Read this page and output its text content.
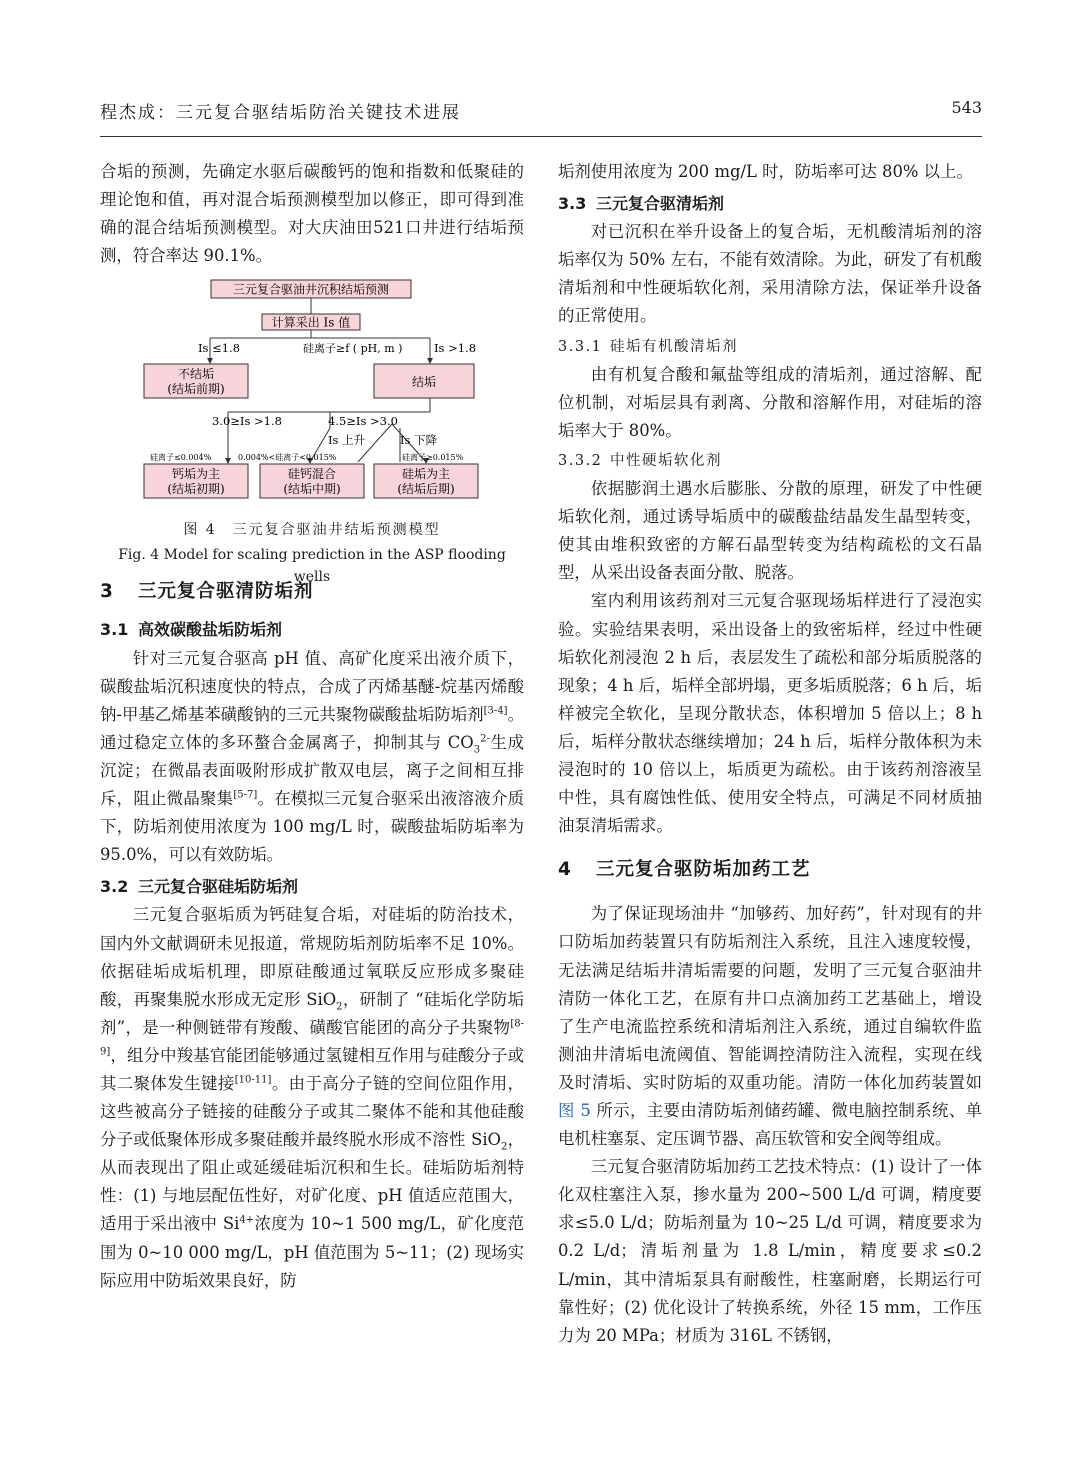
程杰成：三元复合驱结垢防治关键技术进展	543

合垢的预测，先确定水驱后碳酸钙的饱和指数和低聚硅的理论饱和值，再对混合垢预测模型加以修正，即可得到准确的混合结垢预测模型。对大庆油田521口井进行结垢预测，符合率达 90.1%。

三元复合驱油井沉积结垢预测
计算采出 Is 值
Is ≤1.8	硅离子≥f ( pH, m )	Is >1.8
不结垢
(结垢前期)	结垢
3.0≥Is >1.8	4.5≥Is >3.0
Is 上升	Is 下降
硅离子≤0.004%	0.004%<硅离子<0.015%	硅离子≥0.015%
钙垢为主
(结垢初期)
硅钙混合
(结垢中期)
硅垢为主
(结垢后期)
图 4　三元复合驱油井结垢预测模型
Fig. 4 Model for scaling prediction in the ASP flooding wells
3 三元复合驱清防垢剂
3.1 高效碳酸盐垢防垢剂

针对三元复合驱高 pH 值、高矿化度采出液介质下，碳酸盐垢沉积速度快的特点，合成了丙烯基醚-烷基丙烯酸钠-甲基乙烯基苯磺酸钠的三元共聚物碳酸盐垢防垢剂[3-4]。通过稳定立体的多环螯合金属离子，抑制其与 $CO_3^{2-}$生成沉淀；在微晶表面吸附形成扩散双电层，离子之间相互排斥，阻止微晶聚集[5-7]。在模拟三元复合驱采出液溶液介质下，防垢剂使用浓度为 100 mg/L 时，碳酸盐垢防垢率为 95.0%，可以有效防垢。

3.2 三元复合驱硅垢防垢剂

三元复合驱垢质为钙硅复合垢，对硅垢的防治技术，国内外文献调研未见报道，常规防垢剂防垢率不足 10%。依据硅垢成垢机理，即原硅酸通过氧联反应形成多聚硅酸，再聚集脱水形成无定形 SiO$_2$，研制了 “硅垢化学防垢剂”，是一种侧链带有羧酸、磺酸官能团的高分子共聚物[8-9]，组分中羧基官能团能够通过氢键相互作用与硅酸分子或其二聚体发生键接[10-11]。由于高分子链的空间位阻作用，这些被高分子链接的硅酸分子或其二聚体不能和其他硅酸分子或低聚体形成多聚硅酸并最终脱水形成不溶性 SiO$_2$，从而表现出了阻止或延缓硅垢沉积和生长。硅垢防垢剂特性：(1) 与地层配伍性好，对矿化度、pH 值适应范围大，适用于采出液中 $Si^{4+}$浓度为 10~1 500 mg/L，矿化度范围为 0~10 000 mg/L，pH 值范围为 5~11；(2) 现场实际应用中防垢效果良好，防

垢剂使用浓度为 200 mg/L 时，防垢率可达 80% 以上。

3.3 三元复合驱清垢剂

对已沉积在举升设备上的复合垢，无机酸清垢剂的溶垢率仅为 50% 左右，不能有效清除。为此，研发了有机酸清垢剂和中性硬垢软化剂，采用清除方法，保证举升设备的正常使用。

3.3.1 硅垢有机酸清垢剂

由有机复合酸和氟盐等组成的清垢剂，通过溶解、配位机制，对垢层具有剥离、分散和溶解作用，对硅垢的溶垢率大于 80%。

3.3.2 中性硬垢软化剂

依据膨润土遇水后膨胀、分散的原理，研发了中性硬垢软化剂，通过诱导垢质中的碳酸盐结晶发生晶型转变，使其由堆积致密的方解石晶型转变为结构疏松的文石晶型，从采出设备表面分散、脱落。

室内利用该药剂对三元复合驱现场垢样进行了浸泡实验。实验结果表明，采出设备上的致密垢样，经过中性硬垢软化剂浸泡 2 h 后，表层发生了疏松和部分垢质脱落的现象；4 h 后，垢样全部坍塌，更多垢质脱落；6 h 后，垢样被完全软化，呈现分散状态，体积增加 5 倍以上；8 h 后，垢样分散状态继续增加；24 h 后，垢样分散体积为未浸泡时的 10 倍以上，垢质更为疏松。由于该药剂溶液呈中性，具有腐蚀性低、使用安全特点，可满足不同材质抽油泵清垢需求。

4 三元复合驱防垢加药工艺

为了保证现场油井 “加够药、加好药”，针对现有的井口防垢加药装置只有防垢剂注入系统，且注入速度较慢，无法满足结垢井清垢需要的问题，发明了三元复合驱油井清防一体化工艺，在原有井口点滴加药工艺基础上，增设了生产电流监控系统和清垢剂注入系统，通过自编软件监测油井清垢电流阈值、智能调控清防注入流程，实现在线及时清垢、实时防垢的双重功能。清防一体化加药装置如图 5 所示，主要由清防垢剂储药罐、微电脑控制系统、单电机柱塞泵、定压调节器、高压软管和安全阀等组成。

三元复合驱清防垢加药工艺技术特点：(1) 设计了一体化双柱塞注入泵，掺水量为 200~500 L/d 可调，精度要求≤5.0 L/d；防垢剂量为 10~25 L/d 可调，精度要求为 0.2 L/d；清垢剂量为 1.8 L/min，精度要求≤0.2 L/min，其中清垢泵具有耐酸性，柱塞耐磨，长期运行可靠性好；(2) 优化设计了转换系统，外径 15 mm，工作压力为 20 MPa；材质为 316L 不锈钢，
